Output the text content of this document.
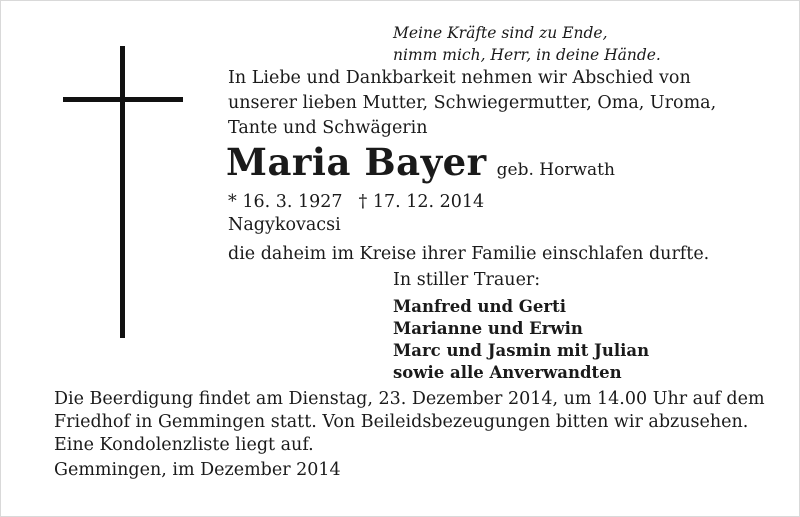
Meine Kräfte sind zu Ende,
nimm mich, Herr, in deine Hände.
In Liebe und Dankbarkeit nehmen wir Abschied von
unserer lieben Mutter, Schwiegermutter, Oma, Uroma,
Tante und Schwägerin
Maria Bayer geb. Horwath
* 16. 3. 1927 † 17. 12. 2014
Nagykovacsi
die daheim im Kreise ihrer Familie einschlafen durfte.
In stiller Trauer:
Manfred und Gerti
Marianne und Erwin
Marc und Jasmin mit Julian
sowie alle Anverwandten
Die Beerdigung findet am Dienstag, 23. Dezember 2014, um 14.00 Uhr auf dem
Friedhof in Gemmingen statt. Von Beileidsbezeugungen bitten wir abzusehen.
Eine Kondolenzliste liegt auf.
Gemmingen, im Dezember 2014
